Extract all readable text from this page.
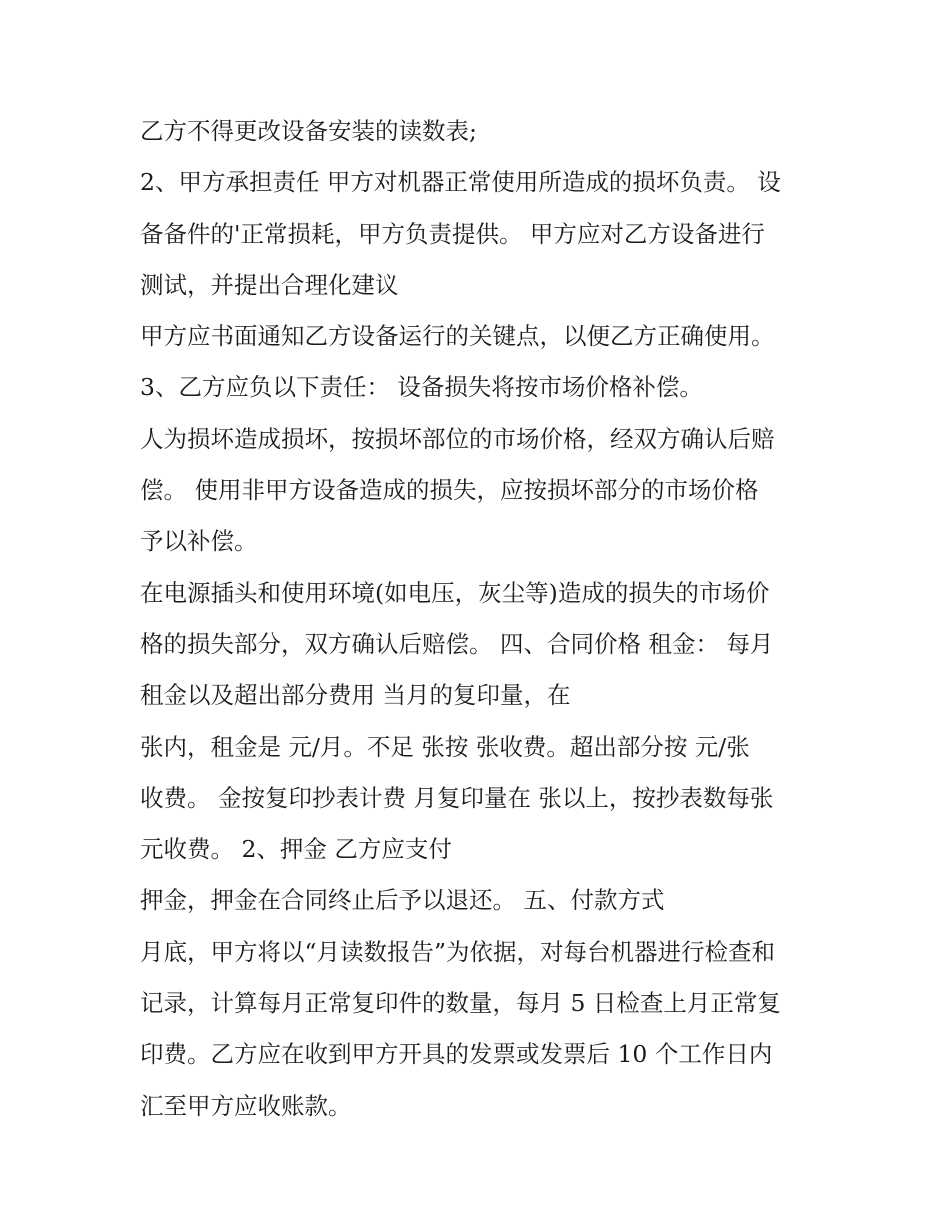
乙方不得更改设备安装的读数表;
2、甲方承担责任 甲方对机器正常使用所造成的损坏负责。 设
备备件的'正常损耗，甲方负责提供。 甲方应对乙方设备进行
测试，并提出合理化建议
甲方应书面通知乙方设备运行的关键点，以便乙方正确使用。
3、乙方应负以下责任： 设备损失将按市场价格补偿。
人为损坏造成损坏，按损坏部位的市场价格，经双方确认后赔
偿。 使用非甲方设备造成的损失，应按损坏部分的市场价格
予以补偿。
在电源插头和使用环境(如电压，灰尘等)造成的损失的市场价
格的损失部分，双方确认后赔偿。 四、合同价格 租金： 每月
租金以及超出部分费用 当月的复印量，在
张内，租金是 元/月。不足 张按 张收费。超出部分按 元/张
收费。 金按复印抄表计费 月复印量在 张以上，按抄表数每张
元收费。 2、押金 乙方应支付
押金，押金在合同终止后予以退还。 五、付款方式
月底，甲方将以“月读数报告”为依据，对每台机器进行检查和
记录，计算每月正常复印件的数量，每月 5 日检查上月正常复
印费。乙方应在收到甲方开具的发票或发票后 10 个工作日内
汇至甲方应收账款。
